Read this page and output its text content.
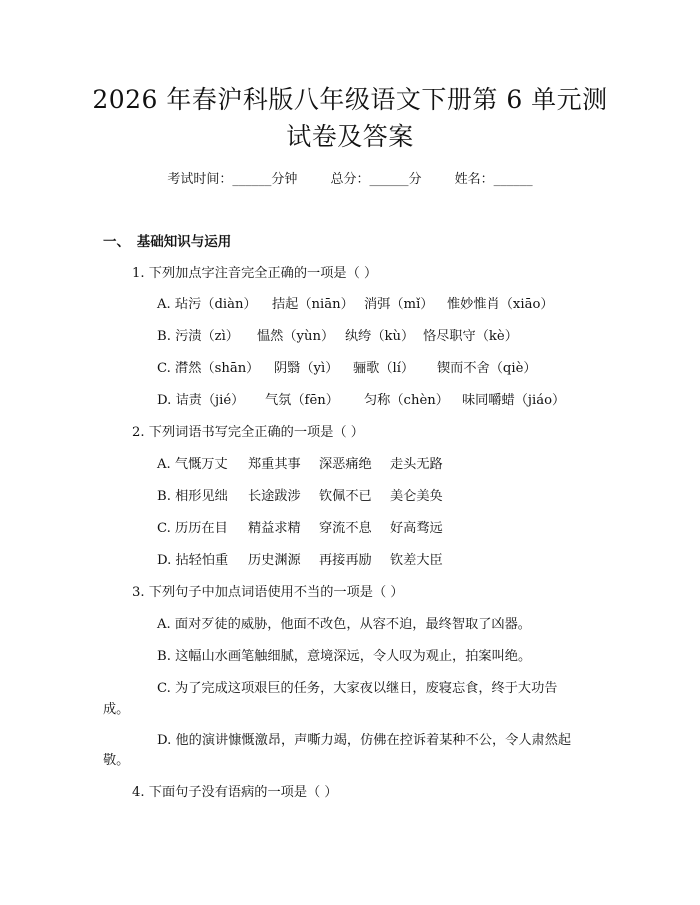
2026 年春沪科版八年级语文下册第 6 单元测
试卷及答案
考试时间：______分钟	总分：______分	姓名：______
一、　基础知识与运用
1. 下列加点字注音完全正确的一项是（ ）
A. 玷污（diàn） 拮起（niān） 消弭（mǐ） 惟妙惟肖（xiāo）
B. 污渍（zì） 愠然（yùn） 纨绔（kù） 恪尽职守（kè）
C. 潸然（shān） 阴翳（yì） 骊歌（lí） 锲而不舍（qiè）
D. 诘责（jié） 气氛（fēn） 匀称（chèn） 味同嚼蜡（jiáo）
2. 下列词语书写完全正确的一项是（ ）
A. 气慨万丈 郑重其事 深恶痛绝 走头无路
B. 相形见绌 长途跋涉 钦佩不已 美仑美奂
C. 历历在目 精益求精 穿流不息 好高骛远
D. 拈轻怕重 历史渊源 再接再励 钦差大臣
3. 下列句子中加点词语使用不当的一项是（ ）
A. 面对歹徒的威胁，他面不改色，从容不迫，最终智取了凶器。
B. 这幅山水画笔触细腻，意境深远，令人叹为观止，拍案叫绝。
C. 为了完成这项艰巨的任务，大家夜以继日，废寝忘食，终于大功告
成。
D. 他的演讲慷慨激昂，声嘶力竭，仿佛在控诉着某种不公，令人肃然起
敬。
4. 下面句子没有语病的一项是（ ）
